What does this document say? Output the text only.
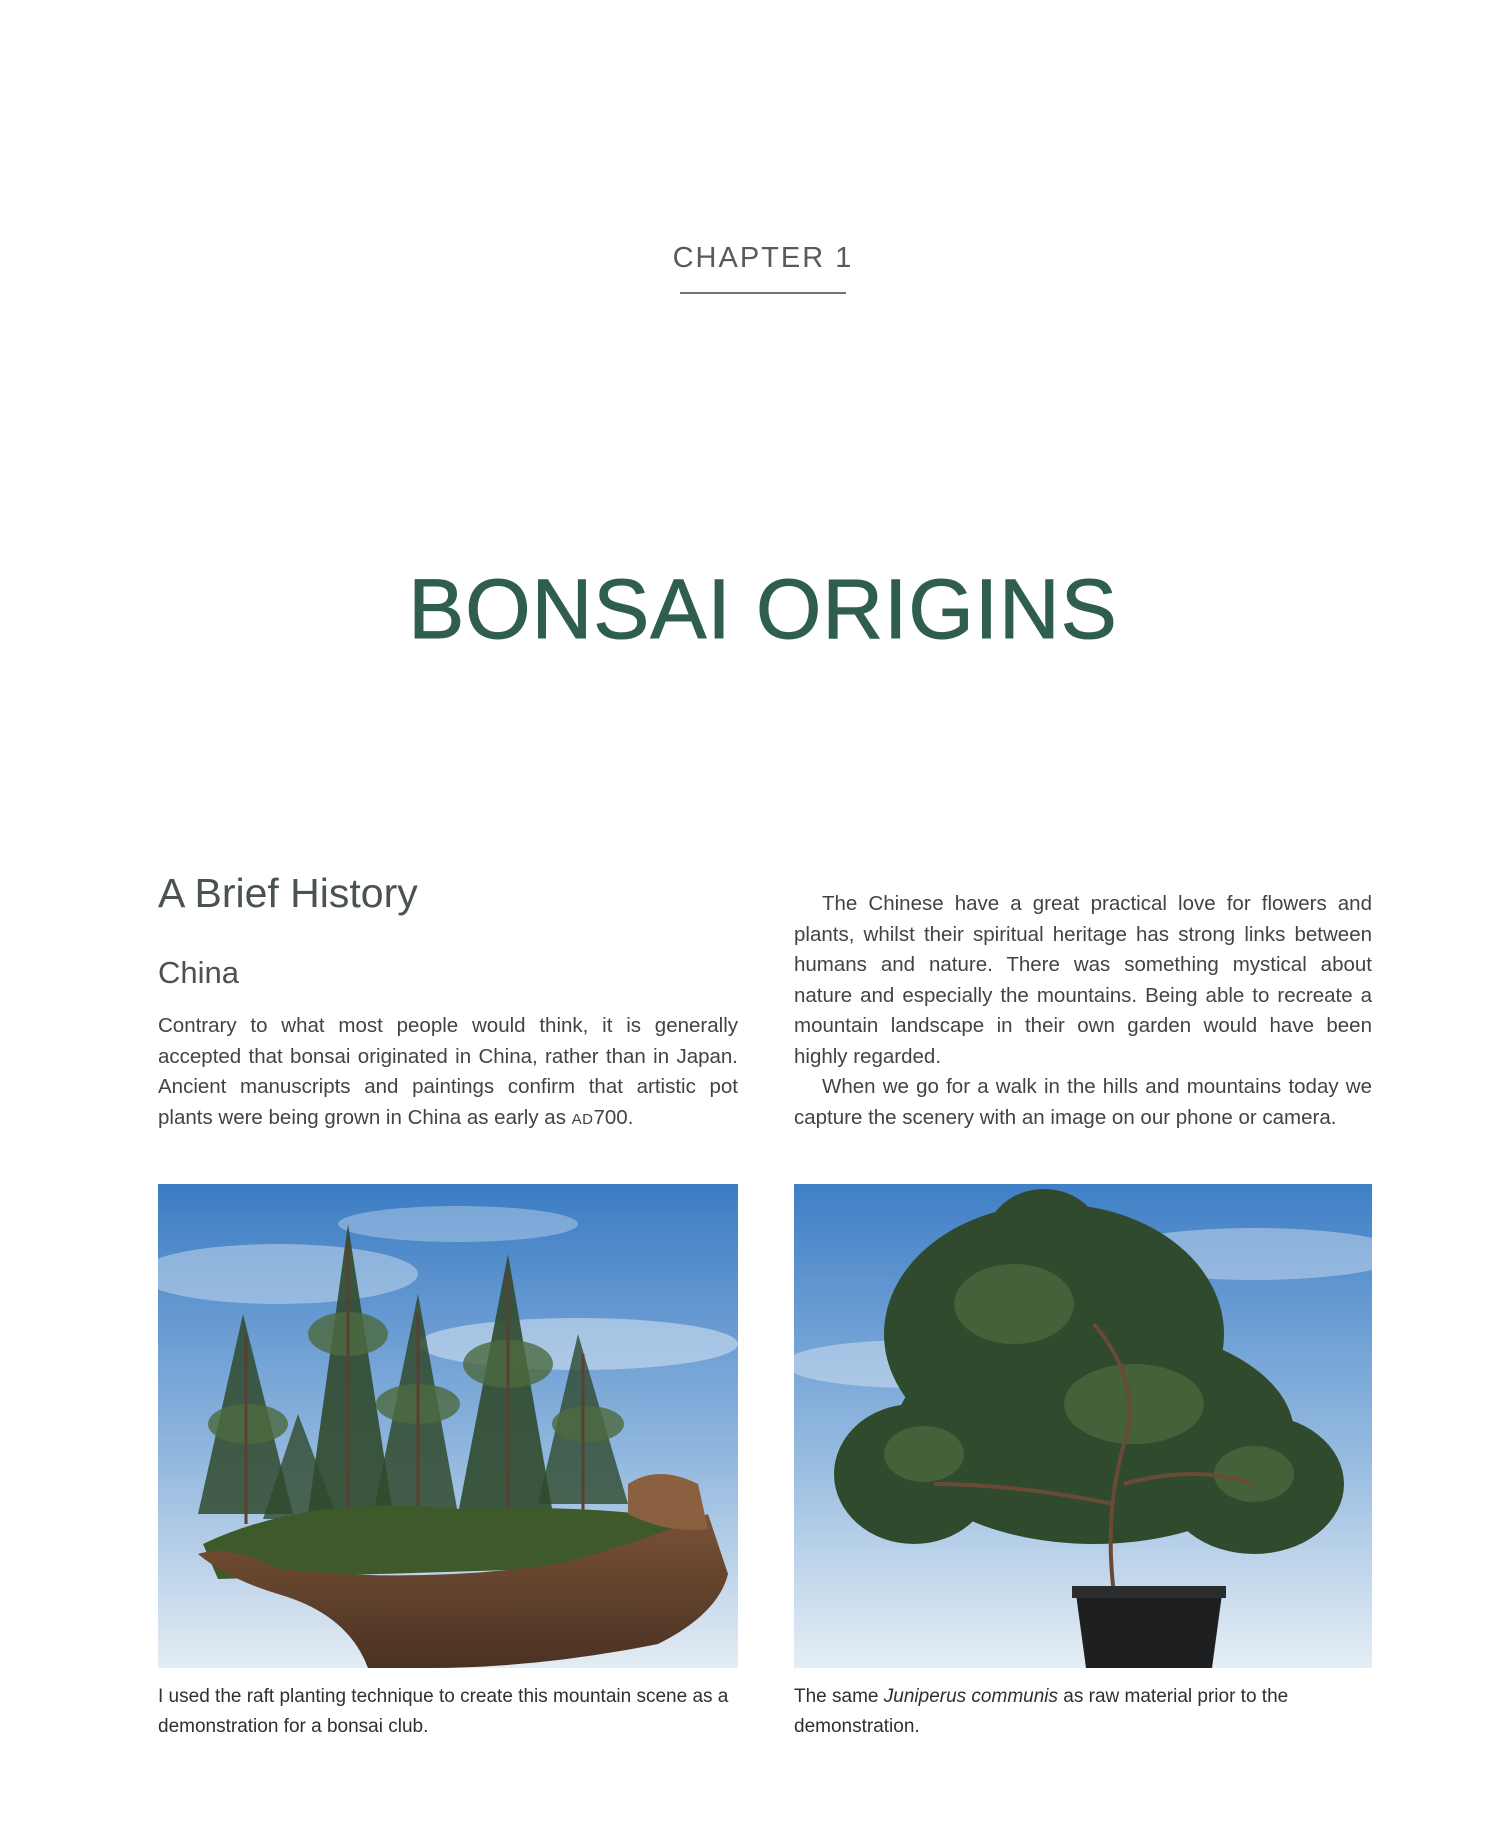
CHAPTER 1
BONSAI ORIGINS
A Brief History
China

Contrary to what most people would think, it is generally accepted that bonsai originated in China, rather than in Japan. Ancient manuscripts and paintings confirm that artistic pot plants were being grown in China as early as AD700.

The Chinese have a great practical love for flowers and plants, whilst their spiritual heritage has strong links between humans and nature. There was something mystical about nature and especially the mountains. Being able to recreate a mountain landscape in their own garden would have been highly regarded.

When we go for a walk in the hills and mountains today we capture the scenery with an image on our phone or camera.

I used the raft planting technique to create this mountain scene as a demonstration for a bonsai club.

The same Juniperus communis as raw material prior to the demonstration.
